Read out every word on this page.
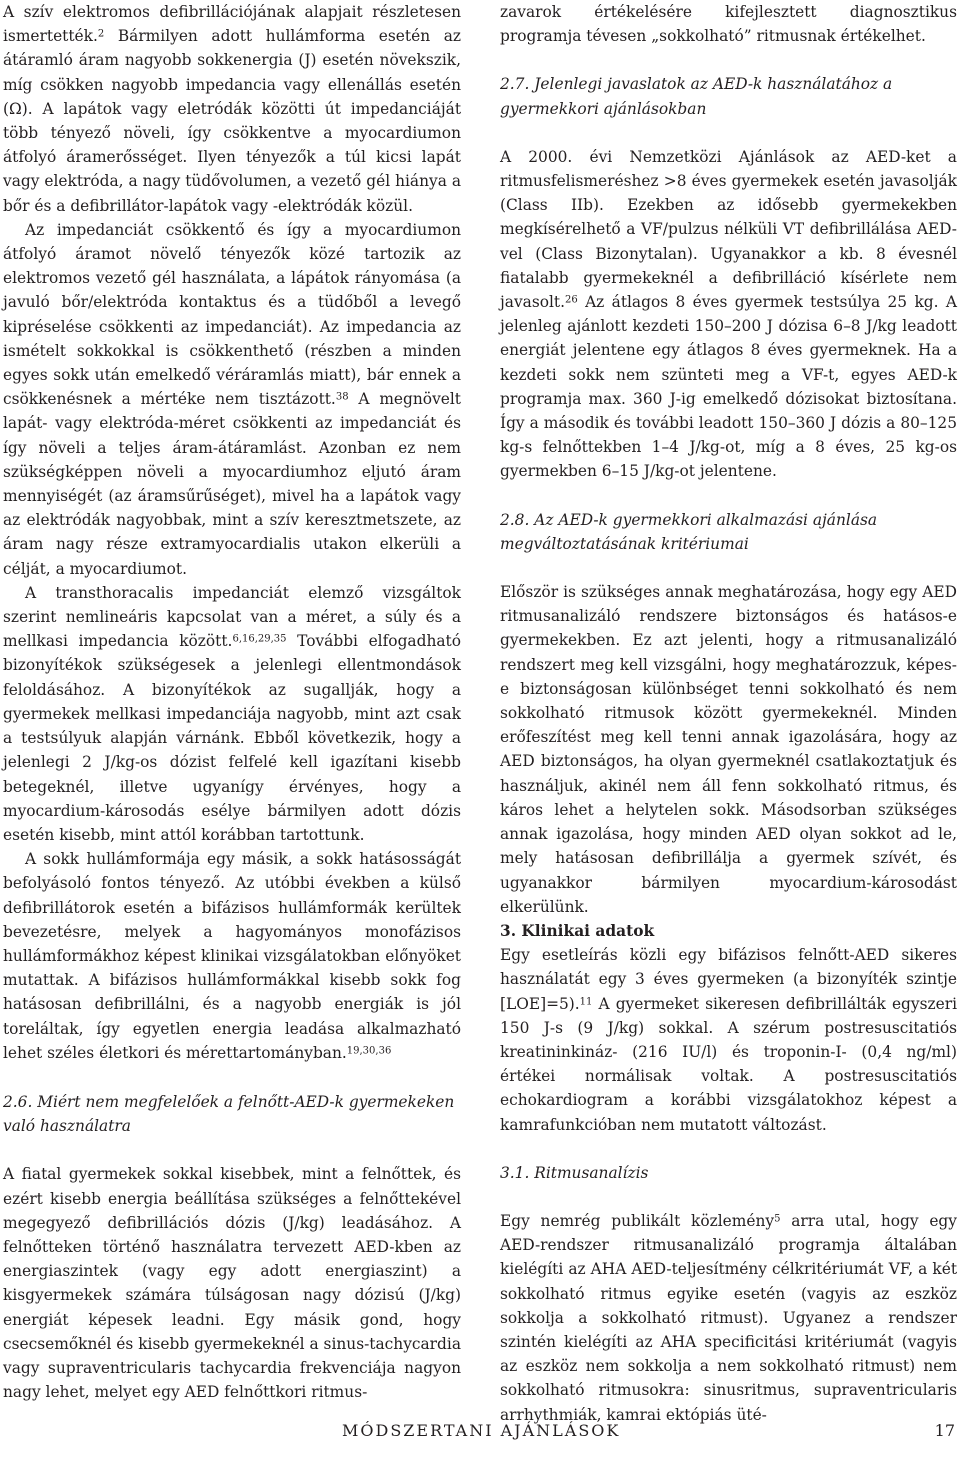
A szív elektromos defibrillációjának alapjait részletesen ismertették.$^2$ Bármilyen adott hullámforma esetén az átáramló áram nagyobb sokkenergia (J) esetén növekszik, míg csökken nagyobb impedancia vagy ellenállás esetén (Ω). A lapátok vagy eletródák közötti út impedanciáját több tényező növeli, így csökkentve a myocardiumon átfolyó áramerősséget. Ilyen tényezők a túl kicsi lapát vagy elektróda, a nagy tüdővolumen, a vezető gél hiánya a bőr és a defibrillátor-lapátok vagy -elektródák közül.

Az impedanciát csökkentő és így a myocardiumon átfolyó áramot növelő tényezők közé tartozik az elektromos vezető gél használata, a lápátok rányomása (a javuló bőr/elektróda kontaktus és a tüdőből a levegő kipréselése csökkenti az impedanciát). Az impedancia az ismételt sokkokkal is csökkenthető (részben a minden egyes sokk után emelkedő véráramlás miatt), bár ennek a csökkenésnek a mértéke nem tisztázott.$^{38}$ A megnövelt lapát- vagy elektróda-méret csökkenti az impedanciát és így növeli a teljes áram-átáramlást. Azonban ez nem szükségképpen növeli a myocardiumhoz eljutó áram mennyiségét (az áramsűrűséget), mivel ha a lapátok vagy az elektródák nagyobbak, mint a szív keresztmetszete, az áram nagy része extramyocardialis utakon elkerüli a célját, a myocardiumot.

A transthoracalis impedanciát elemző vizsgáltok szerint nemlineáris kapcsolat van a méret, a súly és a mellkasi impedancia között.$^{6,16,29,35}$ További elfogadható bizonyítékok szükségesek a jelenlegi ellentmondások feloldásához. A bizonyítékok az sugallják, hogy a gyermekek mellkasi impedanciája nagyobb, mint azt csak a testsúlyuk alapján várnánk. Ebből következik, hogy a jelenlegi 2 J/kg-os dózist felfelé kell igazítani kisebb betegeknél, illetve ugyanígy érvényes, hogy a myocardium-károsodás esélye bármilyen adott dózis esetén kisebb, mint attól korábban tartottunk.

A sokk hullámformája egy másik, a sokk hatásosságát befolyásoló fontos tényező. Az utóbbi években a külső defibrillátorok esetén a bifázisos hullámformák kerültek bevezetésre, melyek a hagyományos monofázisos hullámformákhoz képest klinikai vizsgálatokban előnyöket mutattak. A bifázisos hullámformákkal kisebb sokk fog hatásosan defibrillálni, és a nagyobb energiák is jól toreláltak, így egyetlen energia leadása alkalmazható lehet széles életkori és mérettartományban.$^{19,30,36}$

2.6. Miért nem megfelelőek a felnőtt-AED-k gyermekeken való használatra

A fiatal gyermekek sokkal kisebbek, mint a felnőttek, és ezért kisebb energia beállítása szükséges a felnőttekével megegyező defibrillációs dózis (J/kg) leadásához. A felnőtteken történő használatra tervezett AED-kben az energiaszintek (vagy egy adott energiaszint) a kisgyermekek számára túlságosan nagy dózisú (J/kg) energiát képesek leadni. Egy másik gond, hogy csecsemőknél és kisebb gyermekeknél a sinus-tachycardia vagy supraventricularis tachycardia frekvenciája nagyon nagy lehet, melyet egy AED felnőttkori ritmus-

zavarok értékelésére kifejlesztett diagnosztikus programja tévesen „sokkolható” ritmusnak értékelhet.

2.7. Jelenlegi javaslatok az AED-k használatához a gyermekkori ajánlásokban

A 2000. évi Nemzetközi Ajánlások az AED-ket a ritmusfelismeréshez >8 éves gyermekek esetén javasolják (Class IIb). Ezekben az idősebb gyermekekben megkísérelhető a VF/pulzus nélküli VT defibrillálása AED-vel (Class Bizonytalan). Ugyanakkor a kb. 8 évesnél fiatalabb gyermekeknél a defibrilláció kísérlete nem javasolt.$^{26}$ Az átlagos 8 éves gyermek testsúlya 25 kg. A jelenleg ajánlott kezdeti 150–200 J dózisa 6–8 J/kg leadott energiát jelentene egy átlagos 8 éves gyermeknek. Ha a kezdeti sokk nem szünteti meg a VF-t, egyes AED-k programja max. 360 J-ig emelkedő dózisokat biztosítana. Így a második és további leadott 150–360 J dózis a 80–125 kg-s felnőttekben 1–4 J/kg-ot, míg a 8 éves, 25 kg-os gyermekben 6–15 J/kg-ot jelentene.

2.8. Az AED-k gyermekkori alkalmazási ajánlása megváltoztatásának kritériumai

Először is szükséges annak meghatározása, hogy egy AED ritmusanalizáló rendszere biztonságos és hatásos-e gyermekekben. Ez azt jelenti, hogy a ritmusanalizáló rendszert meg kell vizsgálni, hogy meghatározzuk, képes-e biztonságosan különbséget tenni sokkolható és nem sokkolható ritmusok között gyermekeknél. Minden erőfeszítést meg kell tenni annak igazolására, hogy az AED biztonságos, ha olyan gyermeknél csatlakoztatjuk és használjuk, akinél nem áll fenn sokkolható ritmus, és káros lehet a helytelen sokk. Másodsorban szükséges annak igazolása, hogy minden AED olyan sokkot ad le, mely hatásosan defibrillálja a gyermek szívét, és ugyanakkor bármilyen myocardium-károsodást elkerülünk.

3. Klinikai adatok

Egy esetleírás közli egy bifázisos felnőtt-AED sikeres használatát egy 3 éves gyermeken (a bizonyíték szintje [LOE]=5).$^{11}$ A gyermeket sikeresen defibrillálták egyszeri 150 J-s (9 J/kg) sokkal. A szérum postresuscitatiós kreatininkináz- (216 IU/l) és troponin-I- (0,4 ng/ml) értékei normálisak voltak. A postresuscitatiós echokardiogram a korábbi vizsgálatokhoz képest a kamrafunkcióban nem mutatott változást.

3.1. Ritmusanalízis

Egy nemrég publikált közlemény$^5$ arra utal, hogy egy AED-rendszer ritmusanalizáló programja általában kielégíti az AHA AED-teljesítmény célkritériumát VF, a két sokkolható ritmus egyike esetén (vagyis az eszköz sokkolja a sokkolható ritmust). Ugyanez a rendszer szintén kielégíti az AHA specificitási kritériumát (vagyis az eszköz nem sokkolja a nem sokkolható ritmust) nem sokkolható ritmusokra: sinusritmus, supraventricularis arrhythmiák, kamrai ektópiás üté-

MÓDSZERTANI AJÁNLÁSOK	17
